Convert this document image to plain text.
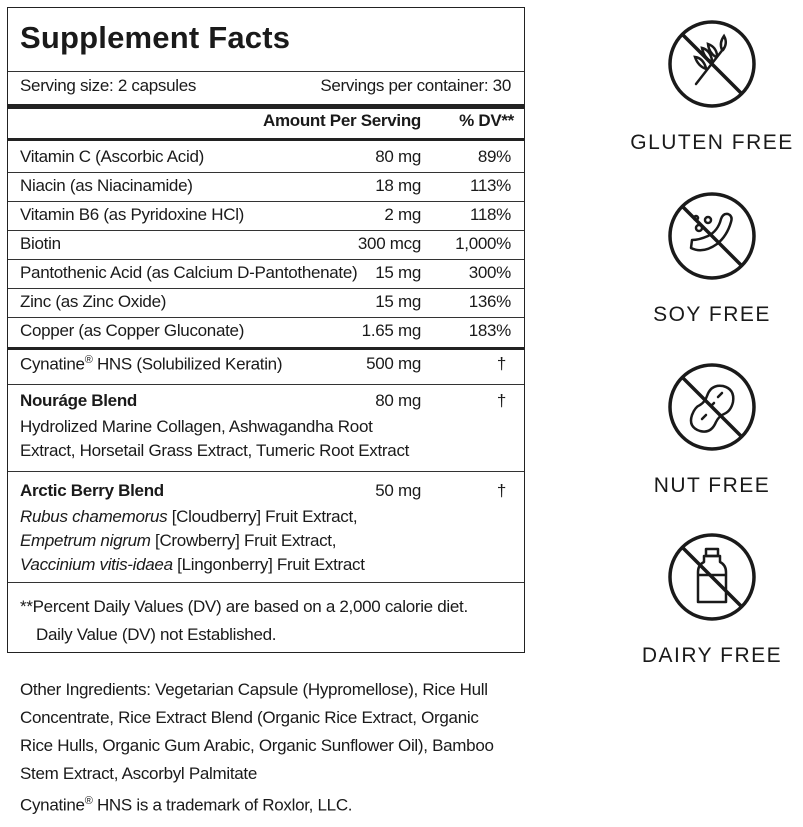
Supplement Facts
Serving size: 2 capsules	Servings per container: 30
Amount Per Serving % DV**
Vitamin C (Ascorbic Acid)	80 mg	89%
Niacin (as Niacinamide)	18 mg	113%
Vitamin B6 (as Pyridoxine HCl)	2 mg	118%
Biotin	300 mcg 1,000%
Pantothenic Acid (as Calcium D-Pantothenate) 15 mg	300%
Zinc (as Zinc Oxide)	15 mg	136%
Copper (as Copper Gluconate)	1.65 mg	183%
Cynatine® HNS (Solubilized Keratin)	500 mg	†
Nouráge Blend	80 mg	†
Hydrolized Marine Collagen, Ashwagandha Root
Extract, Horsetail Grass Extract, Tumeric Root Extract
Arctic Berry Blend	50 mg	†
Rubus chamemorus [Cloudberry] Fruit Extract,
Empetrum nigrum [Crowberry] Fruit Extract,
Vaccinium vitis-idaea [Lingonberry] Fruit Extract
**Percent Daily Values (DV) are based on a 2,000 calorie diet.
Daily Value (DV) not Established.
Other Ingredients: Vegetarian Capsule (Hypromellose), Rice Hull
Concentrate, Rice Extract Blend (Organic Rice Extract, Organic
Rice Hulls, Organic Gum Arabic, Organic Sunflower Oil), Bamboo
Stem Extract, Ascorbyl Palmitate
Cynatine® HNS is a trademark of Roxlor, LLC.
GLUTEN FREE
SOY FREE
NUT FREE
DAIRY FREE
